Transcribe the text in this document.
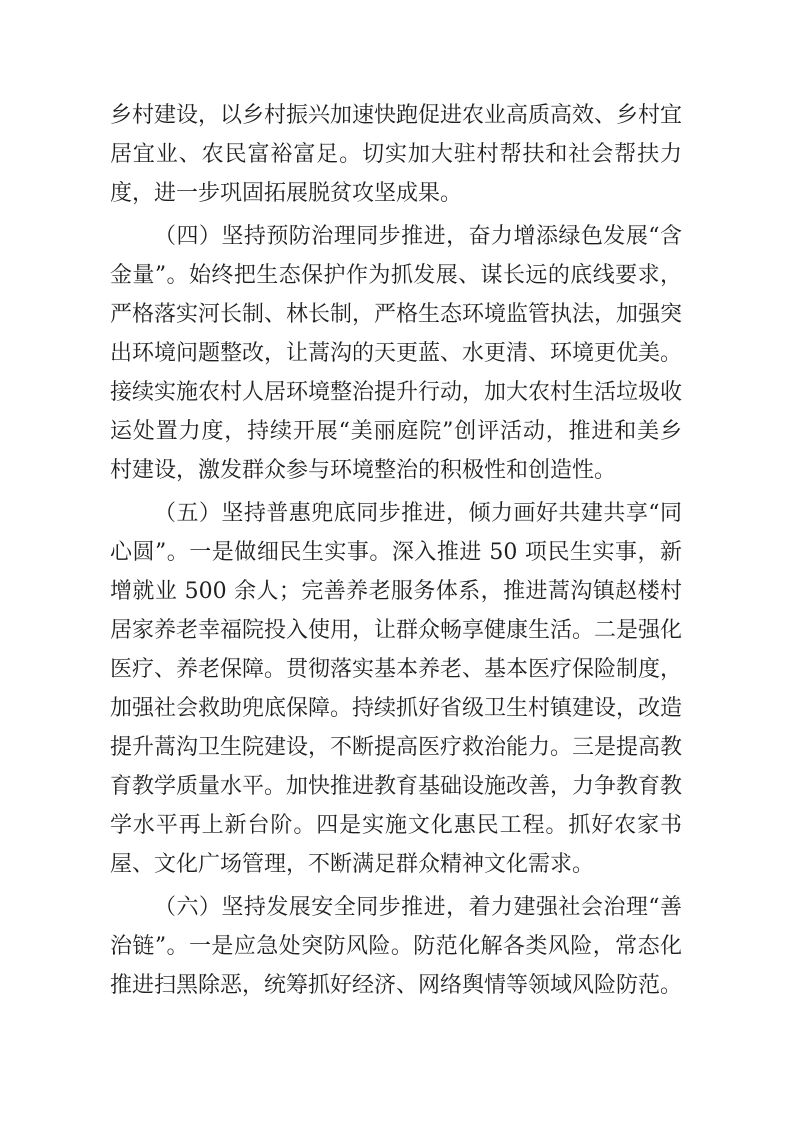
乡村建设，以乡村振兴加速快跑促进农业高质高效、乡村宜居宜业、农民富裕富足。切实加大驻村帮扶和社会帮扶力度，进一步巩固拓展脱贫攻坚成果。

（四）坚持预防治理同步推进，奋力增添绿色发展“含金量”。始终把生态保护作为抓发展、谋长远的底线要求，严格落实河长制、林长制，严格生态环境监管执法，加强突出环境问题整改，让蒿沟的天更蓝、水更清、环境更优美。接续实施农村人居环境整治提升行动，加大农村生活垃圾收运处置力度，持续开展“美丽庭院”创评活动，推进和美乡村建设，激发群众参与环境整治的积极性和创造性。

（五）坚持普惠兜底同步推进，倾力画好共建共享“同心圆”。一是做细民生实事。深入推进 50 项民生实事，新增就业 500 余人；完善养老服务体系，推进蒿沟镇赵楼村居家养老幸福院投入使用，让群众畅享健康生活。二是强化医疗、养老保障。贯彻落实基本养老、基本医疗保险制度，加强社会救助兜底保障。持续抓好省级卫生村镇建设，改造提升蒿沟卫生院建设，不断提高医疗救治能力。三是提高教育教学质量水平。加快推进教育基础设施改善，力争教育教学水平再上新台阶。四是实施文化惠民工程。抓好农家书屋、文化广场管理，不断满足群众精神文化需求。

（六）坚持发展安全同步推进，着力建强社会治理“善治链”。一是应急处突防风险。防范化解各类风险，常态化推进扫黑除恶，统筹抓好经济、网络舆情等领域风险防范。
